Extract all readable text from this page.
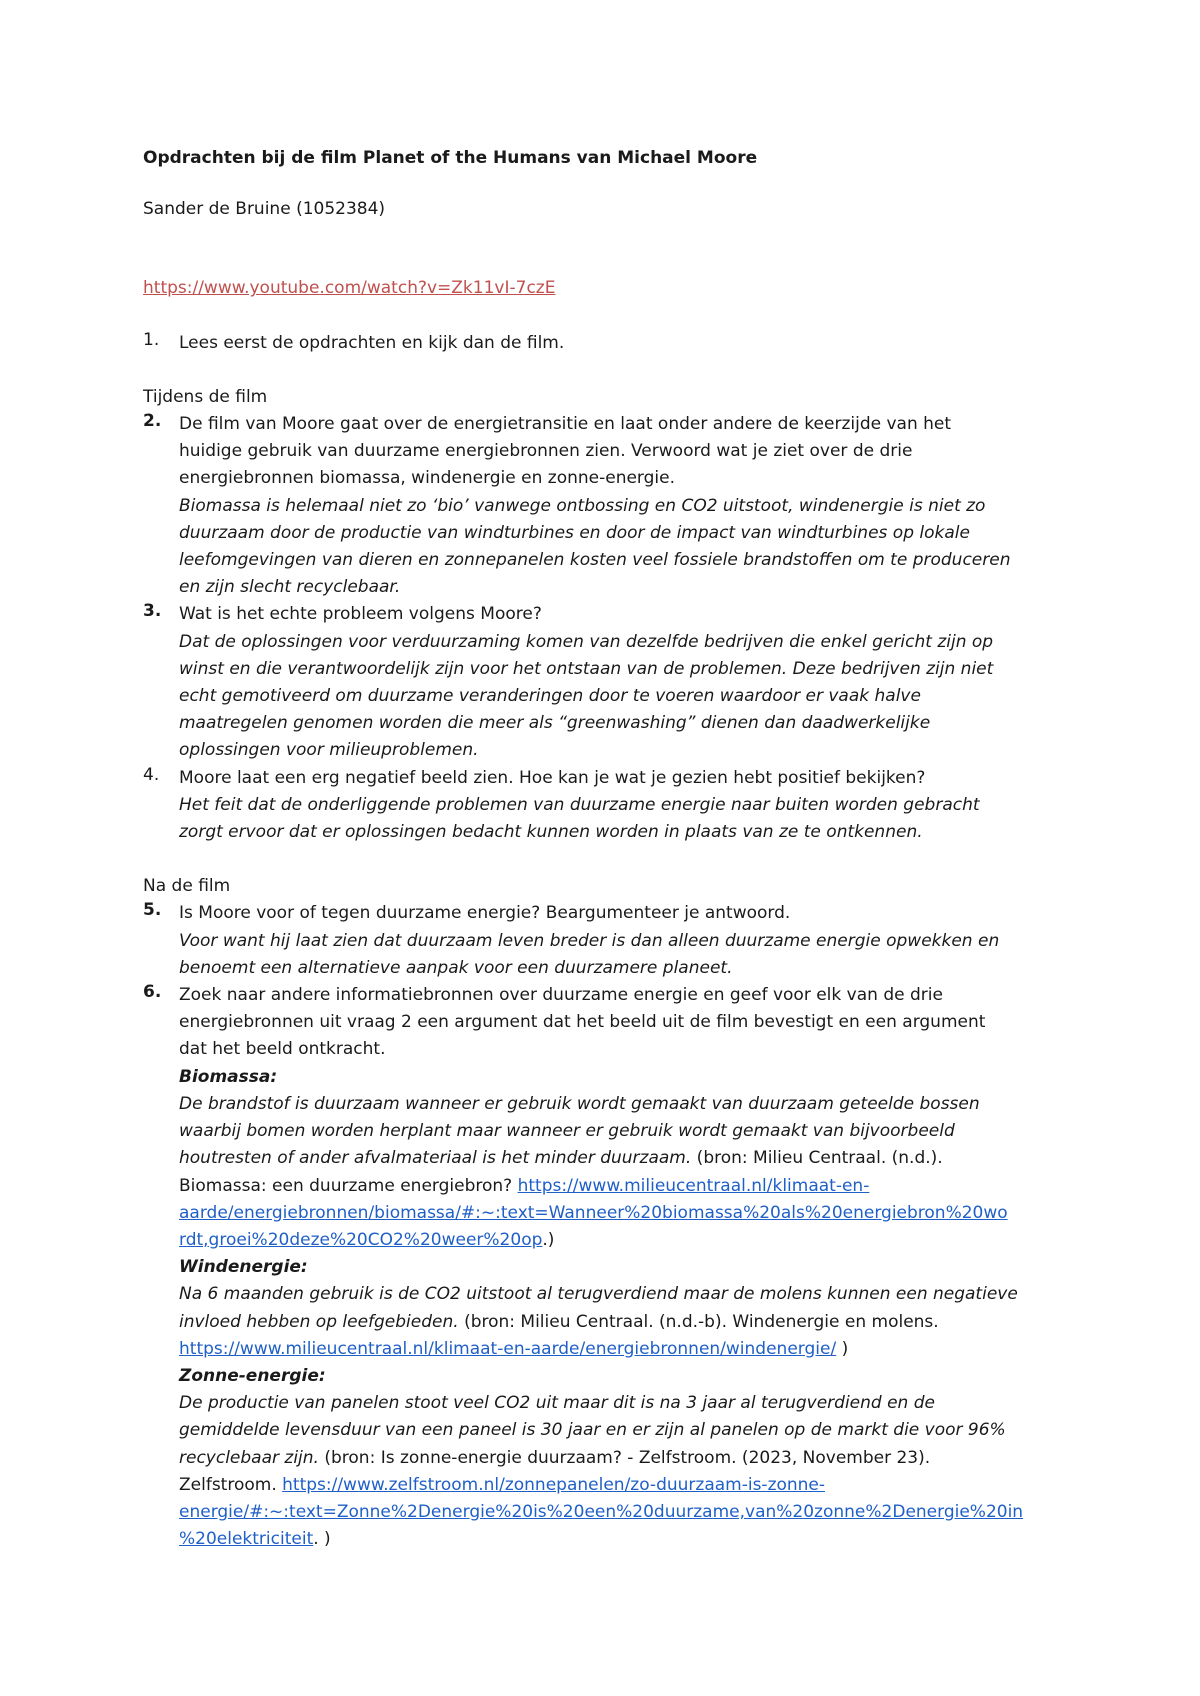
Opdrachten bij de film Planet of the Humans van Michael Moore

Sander de Bruine (1052384)

https://www.youtube.com/watch?v=Zk11vI-7czE

1.	Lees eerst de opdrachten en kijk dan de film.

Tijdens de film

2.	De film van Moore gaat over de energietransitie en laat onder andere de keerzijde van het

huidige gebruik van duurzame energiebronnen zien. Verwoord wat je ziet over de drie

energiebronnen biomassa, windenergie en zonne-energie.

Biomassa is helemaal niet zo ‘bio’ vanwege ontbossing en CO2 uitstoot, windenergie is niet zo

duurzaam door de productie van windturbines en door de impact van windturbines op lokale

leefomgevingen van dieren en zonnepanelen kosten veel fossiele brandstoffen om te produceren

en zijn slecht recyclebaar.

3.	Wat is het echte probleem volgens Moore?

Dat de oplossingen voor verduurzaming komen van dezelfde bedrijven die enkel gericht zijn op

winst en die verantwoordelijk zijn voor het ontstaan van de problemen. Deze bedrijven zijn niet

echt gemotiveerd om duurzame veranderingen door te voeren waardoor er vaak halve

maatregelen genomen worden die meer als “greenwashing” dienen dan daadwerkelijke

oplossingen voor milieuproblemen.

4.	Moore laat een erg negatief beeld zien. Hoe kan je wat je gezien hebt positief bekijken?

Het feit dat de onderliggende problemen van duurzame energie naar buiten worden gebracht

zorgt ervoor dat er oplossingen bedacht kunnen worden in plaats van ze te ontkennen.

Na de film

5.	Is Moore voor of tegen duurzame energie? Beargumenteer je antwoord.

Voor want hij laat zien dat duurzaam leven breder is dan alleen duurzame energie opwekken en

benoemt een alternatieve aanpak voor een duurzamere planeet.

6.	Zoek naar andere informatiebronnen over duurzame energie en geef voor elk van de drie

energiebronnen uit vraag 2 een argument dat het beeld uit de film bevestigt en een argument

dat het beeld ontkracht.

Biomassa:

De brandstof is duurzaam wanneer er gebruik wordt gemaakt van duurzaam geteelde bossen

waarbij bomen worden herplant maar wanneer er gebruik wordt gemaakt van bijvoorbeeld

houtresten of ander afvalmateriaal is het minder duurzaam. (bron: Milieu Centraal. (n.d.).

Biomassa: een duurzame energiebron? https://www.milieucentraal.nl/klimaat-en-

aarde/energiebronnen/biomassa/#:~:text=Wanneer%20biomassa%20als%20energiebron%20wo

rdt,groei%20deze%20CO2%20weer%20op.)

Windenergie:

Na 6 maanden gebruik is de CO2 uitstoot al terugverdiend maar de molens kunnen een negatieve

invloed hebben op leefgebieden. (bron: Milieu Centraal. (n.d.-b). Windenergie en molens.

https://www.milieucentraal.nl/klimaat-en-aarde/energiebronnen/windenergie/ )

Zonne-energie:

De productie van panelen stoot veel CO2 uit maar dit is na 3 jaar al terugverdiend en de

gemiddelde levensduur van een paneel is 30 jaar en er zijn al panelen op de markt die voor 96%

recyclebaar zijn. (bron: Is zonne-energie duurzaam? - Zelfstroom. (2023, November 23).

Zelfstroom. https://www.zelfstroom.nl/zonnepanelen/zo-duurzaam-is-zonne-

energie/#:~:text=Zonne%2Denergie%20is%20een%20duurzame,van%20zonne%2Denergie%20in

%20elektriciteit. )
